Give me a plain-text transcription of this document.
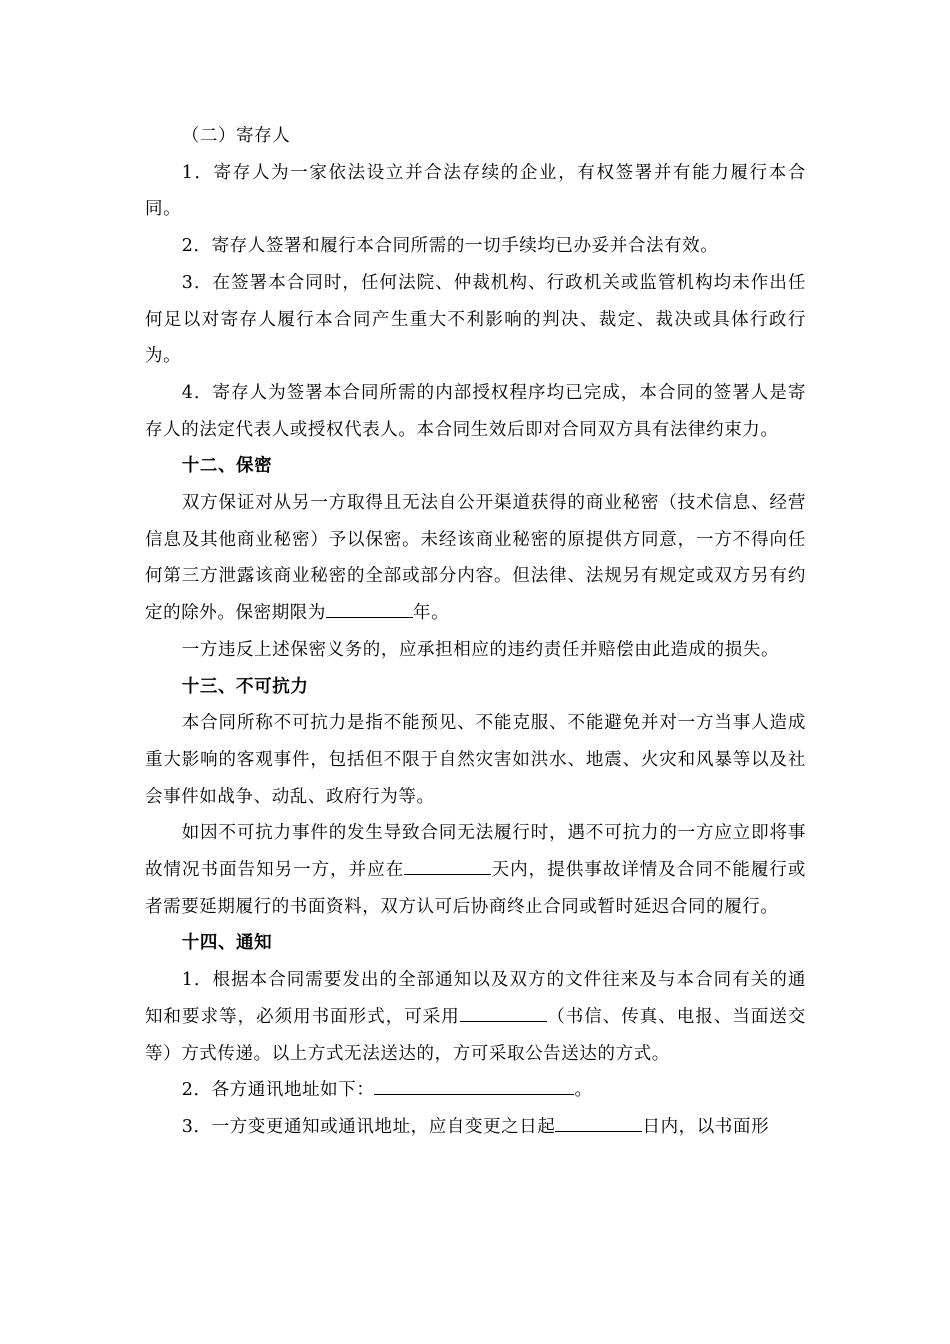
（二）寄存人

1．寄存人为一家依法设立并合法存续的企业，有权签署并有能力履行本合同。

2．寄存人签署和履行本合同所需的一切手续均已办妥并合法有效。

3．在签署本合同时，任何法院、仲裁机构、行政机关或监管机构均未作出任何足以对寄存人履行本合同产生重大不利影响的判决、裁定、裁决或具体行政行为。

4．寄存人为签署本合同所需的内部授权程序均已完成，本合同的签署人是寄存人的法定代表人或授权代表人。本合同生效后即对合同双方具有法律约束力。

十二、保密

双方保证对从另一方取得且无法自公开渠道获得的商业秘密（技术信息、经营信息及其他商业秘密）予以保密。未经该商业秘密的原提供方同意，一方不得向任何第三方泄露该商业秘密的全部或部分内容。但法律、法规另有规定或双方另有约定的除外。保密期限为	年。

一方违反上述保密义务的，应承担相应的违约责任并赔偿由此造成的损失。

十三、不可抗力

本合同所称不可抗力是指不能预见、不能克服、不能避免并对一方当事人造成重大影响的客观事件，包括但不限于自然灾害如洪水、地震、火灾和风暴等以及社会事件如战争、动乱、政府行为等。

如因不可抗力事件的发生导致合同无法履行时，遇不可抗力的一方应立即将事故情况书面告知另一方，并应在	天内，提供事故详情及合同不能履行或者需要延期履行的书面资料，双方认可后协商终止合同或暂时延迟合同的履行。

十四、通知

1．根据本合同需要发出的全部通知以及双方的文件往来及与本合同有关的通知和要求等，必须用书面形式，可采用	（书信、传真、电报、当面送交等）方式传递。以上方式无法送达的，方可采取公告送达的方式。

2．各方通讯地址如下：	。

3．一方变更通知或通讯地址，应自变更之日起	日内，以书面形
